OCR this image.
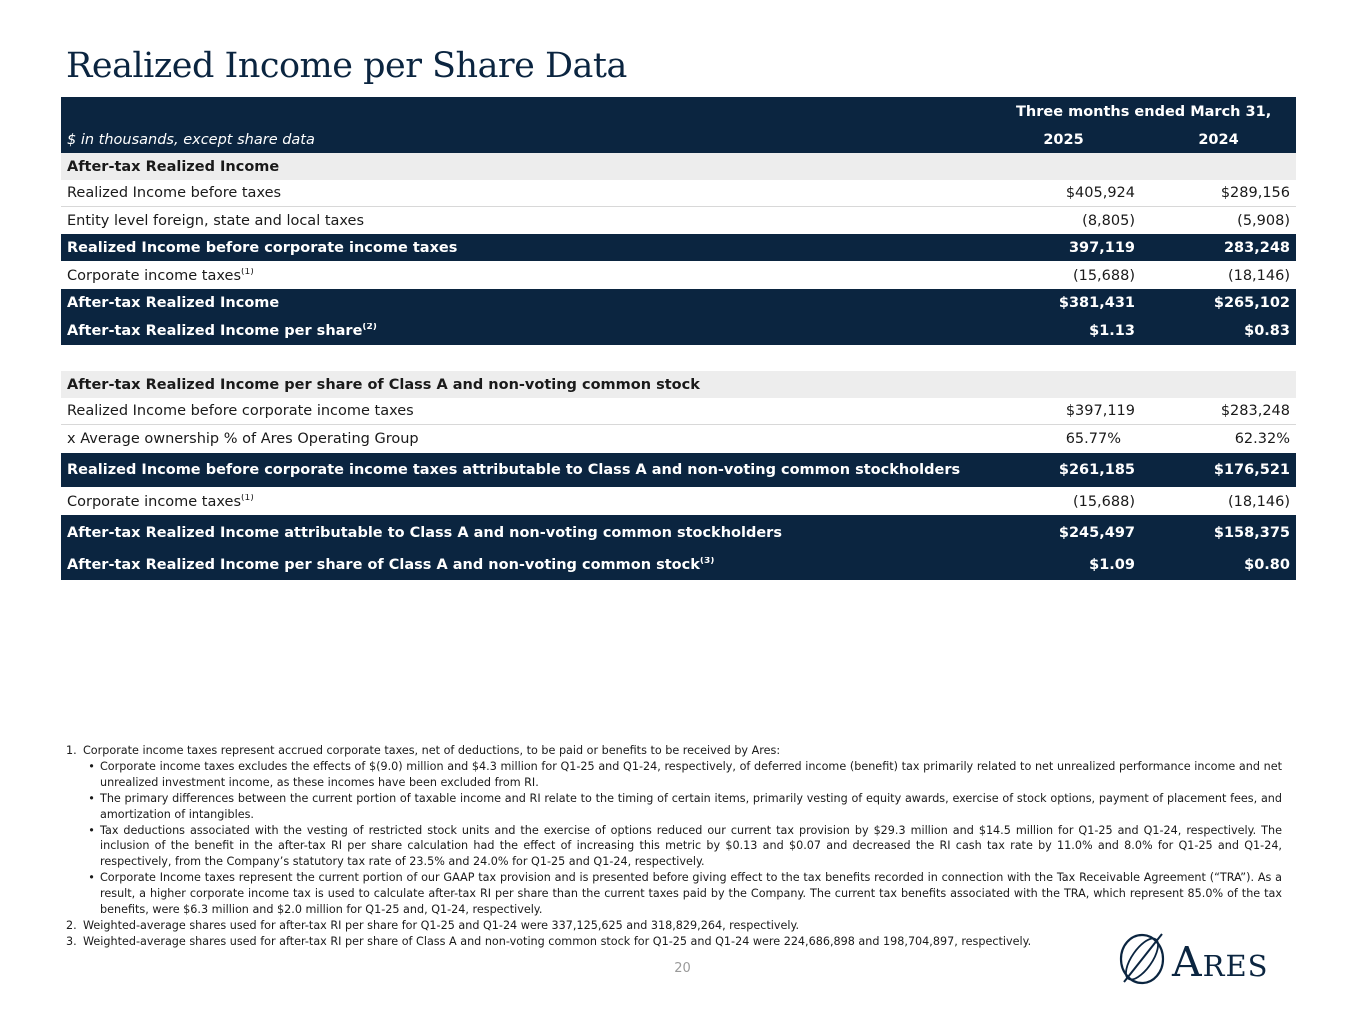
Realized Income per Share Data
Three months ended March 31,
$ in thousands, except share data	2025	2024
After-tax Realized Income
Realized Income before taxes	$405,924	$289,156
Entity level foreign, state and local taxes	(8,805)	(5,908)
Realized Income before corporate income taxes	397,119	283,248
Corporate income taxes$^{(1)}$	(15,688)	(18,146)
After-tax Realized Income	$381,431	$265,102
After-tax Realized Income per share$^{(2)}$	$1.13	$0.83
After-tax Realized Income per share of Class A and non-voting common stock
Realized Income before corporate income taxes	$397,119	$283,248
x Average ownership % of Ares Operating Group	65.77%	62.32%
Realized Income before corporate income taxes attributable to Class A and non-voting common stockholders	$261,185	$176,521
Corporate income taxes$^{(1)}$	(15,688)	(18,146)
After-tax Realized Income attributable to Class A and non-voting common stockholders	$245,497	$158,375
After-tax Realized Income per share of Class A and non-voting common stock$^{(3)}$	$1.09	$0.80
1. Corporate income taxes represent accrued corporate taxes, net of deductions, to be paid or benefits to be received by Ares:
• Corporate income taxes excludes the effects of $(9.0) million and $4.3 million for Q1-25 and Q1-24, respectively, of deferred income (benefit) tax primarily related to net unrealized performance income and net unrealized investment income, as these incomes have been excluded from RI.
• The primary differences between the current portion of taxable income and RI relate to the timing of certain items, primarily vesting of equity awards, exercise of stock options, payment of placement fees, and amortization of intangibles.
• Tax deductions associated with the vesting of restricted stock units and the exercise of options reduced our current tax provision by $29.3 million and $14.5 million for Q1-25 and Q1-24, respectively. The inclusion of the benefit in the after-tax RI per share calculation had the effect of increasing this metric by $0.13 and $0.07 and decreased the RI cash tax rate by 11.0% and 8.0% for Q1-25 and Q1-24, respectively, from the Company’s statutory tax rate of 23.5% and 24.0% for Q1-25 and Q1-24, respectively.
• Corporate Income taxes represent the current portion of our GAAP tax provision and is presented before giving effect to the tax benefits recorded in connection with the Tax Receivable Agreement (“TRA”). As a result, a higher corporate income tax is used to calculate after-tax RI per share than the current taxes paid by the Company. The current tax benefits associated with the TRA, which represent 85.0% of the tax benefits, were $6.3 million and $2.0 million for Q1-25 and, Q1-24, respectively.
2. Weighted-average shares used for after-tax RI per share for Q1-25 and Q1-24 were 337,125,625 and 318,829,264, respectively.
3. Weighted-average shares used for after-tax RI per share of Class A and non-voting common stock for Q1-25 and Q1-24 were 224,686,898 and 198,704,897, respectively.
20	Ares
